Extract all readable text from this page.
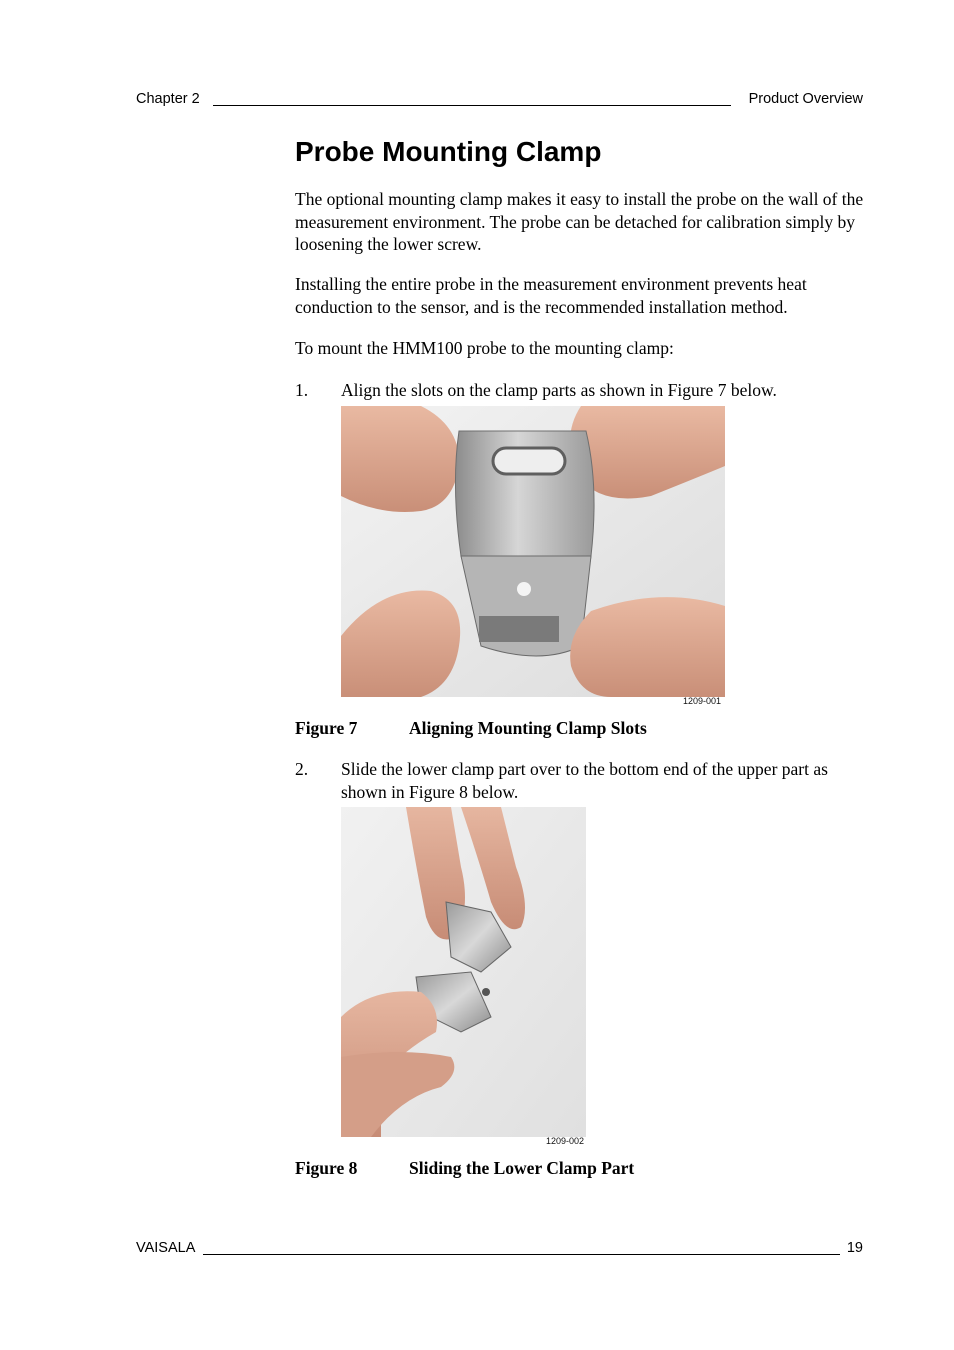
Chapter 2	Product Overview
Probe Mounting Clamp

The optional mounting clamp makes it easy to install the probe on the wall of the measurement environment. The probe can be detached for calibration simply by loosening the lower screw.

Installing the entire probe in the measurement environment prevents heat conduction to the sensor, and is the recommended installation method.

To mount the HMM100 probe to the mounting clamp:

1. Align the slots on the clamp parts as shown in Figure 7 below.
1209-001
Figure 7	Aligning Mounting Clamp Slots
2. Slide the lower clamp part over to the bottom end of the upper part as shown in Figure 8 below.
1209-002
Figure 8	Sliding the Lower Clamp Part
VAISALA	19
